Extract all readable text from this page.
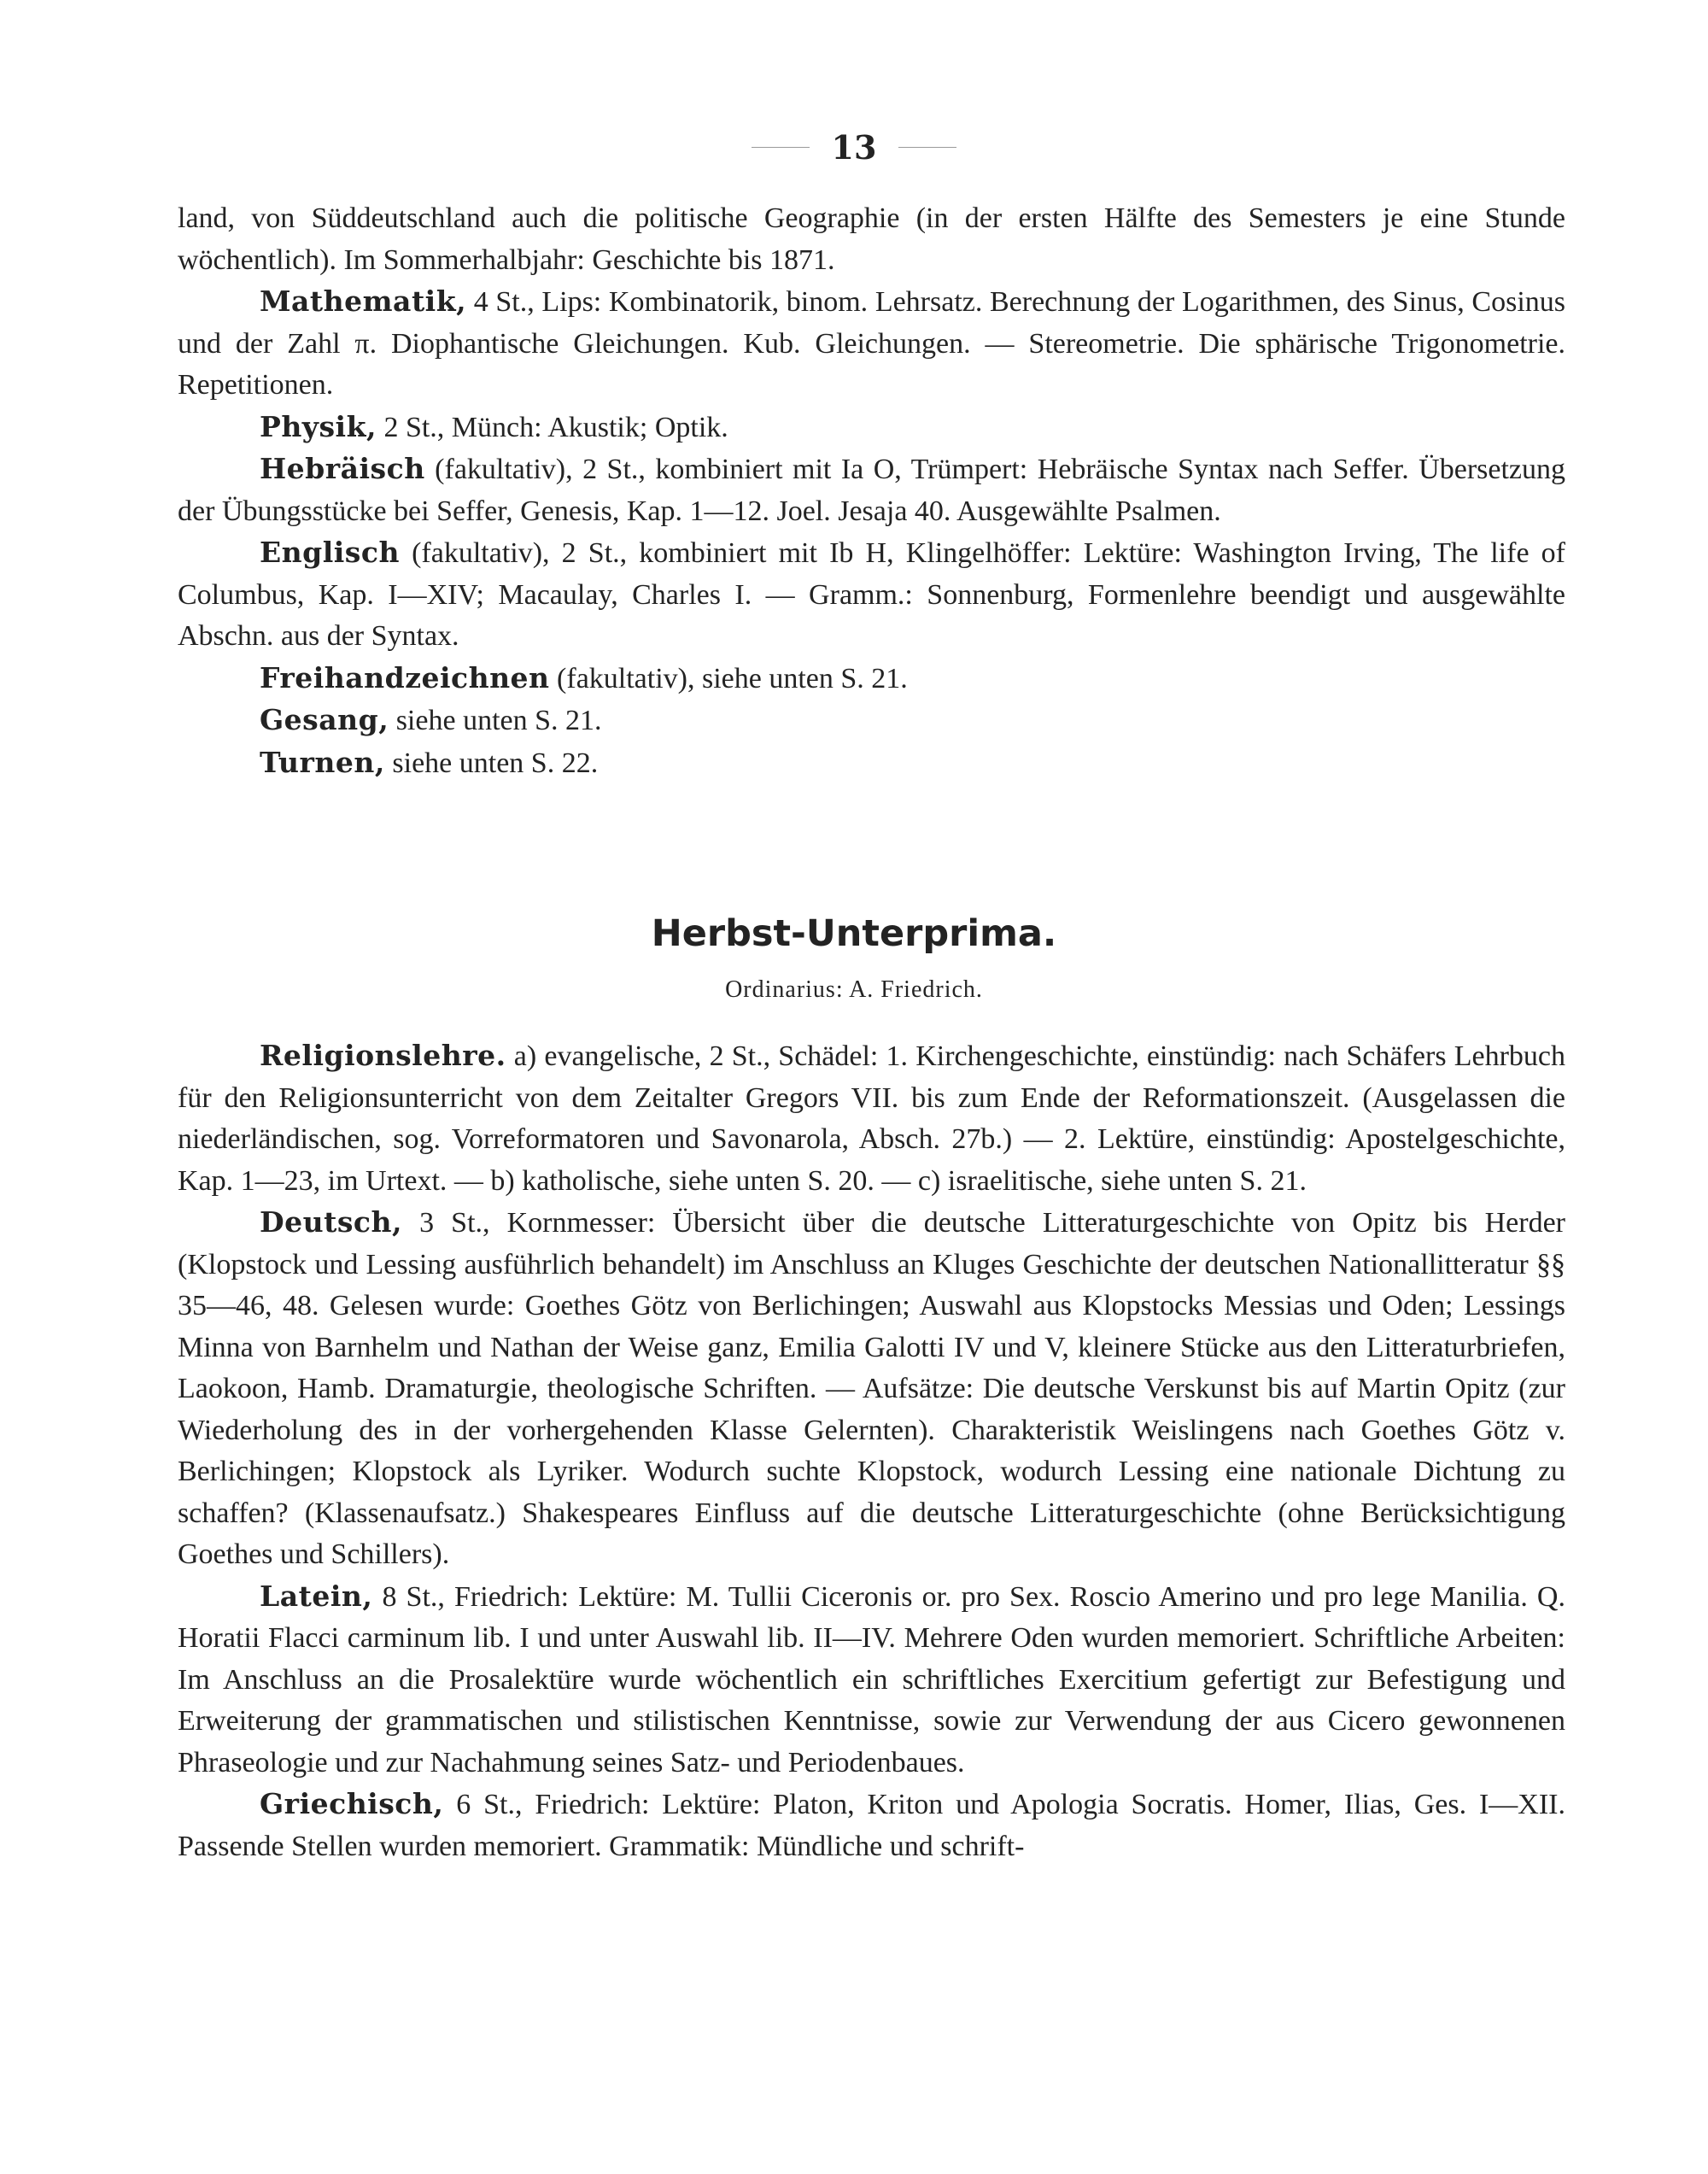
13

land, von Süddeutschland auch die politische Geographie (in der ersten Hälfte des Semesters je eine Stunde wöchentlich). Im Sommerhalbjahr: Geschichte bis 1871.

Mathematik, 4 St., Lips: Kombinatorik, binom. Lehrsatz. Berechnung der Logarithmen, des Sinus, Cosinus und der Zahl π. Diophantische Gleichungen. Kub. Gleichungen. — Stereometrie. Die sphärische Trigonometrie. Repetitionen.

Physik, 2 St., Münch: Akustik; Optik.

Hebräisch (fakultativ), 2 St., kombiniert mit Ia O, Trümpert: Hebräische Syntax nach Seffer. Übersetzung der Übungsstücke bei Seffer, Genesis, Kap. 1—12. Joel. Jesaja 40. Ausgewählte Psalmen.

Englisch (fakultativ), 2 St., kombiniert mit Ib H, Klingelhöffer: Lektüre: Washington Irving, The life of Columbus, Kap. I—XIV; Macaulay, Charles I. — Gramm.: Sonnenburg, Formenlehre beendigt und ausgewählte Abschn. aus der Syntax.

Freihandzeichnen (fakultativ), siehe unten S. 21.

Gesang, siehe unten S. 21.

Turnen, siehe unten S. 22.

Herbst-Unterprima.
Ordinarius: A. Friedrich.

Religionslehre. a) evangelische, 2 St., Schädel: 1. Kirchengeschichte, einstündig: nach Schäfers Lehrbuch für den Religionsunterricht von dem Zeitalter Gregors VII. bis zum Ende der Reformationszeit. (Ausgelassen die niederländischen, sog. Vorreformatoren und Savonarola, Absch. 27b.) — 2. Lektüre, einstündig: Apostelgeschichte, Kap. 1—23, im Urtext. — b) katholische, siehe unten S. 20. — c) israelitische, siehe unten S. 21.

Deutsch, 3 St., Kornmesser: Übersicht über die deutsche Litteraturgeschichte von Opitz bis Herder (Klopstock und Lessing ausführlich behandelt) im Anschluss an Kluges Geschichte der deutschen Nationallitteratur §§ 35—46, 48. Gelesen wurde: Goethes Götz von Berlichingen; Auswahl aus Klopstocks Messias und Oden; Lessings Minna von Barnhelm und Nathan der Weise ganz, Emilia Galotti IV und V, kleinere Stücke aus den Litteraturbriefen, Laokoon, Hamb. Dramaturgie, theologische Schriften. — Aufsätze: Die deutsche Verskunst bis auf Martin Opitz (zur Wiederholung des in der vorhergehenden Klasse Gelernten). Charakteristik Weislingens nach Goethes Götz v. Berlichingen; Klopstock als Lyriker. Wodurch suchte Klopstock, wodurch Lessing eine nationale Dichtung zu schaffen? (Klassenaufsatz.) Shakespeares Einfluss auf die deutsche Litteraturgeschichte (ohne Berücksichtigung Goethes und Schillers).

Latein, 8 St., Friedrich: Lektüre: M. Tullii Ciceronis or. pro Sex. Roscio Amerino und pro lege Manilia. Q. Horatii Flacci carminum lib. I und unter Auswahl lib. II—IV. Mehrere Oden wurden memoriert. Schriftliche Arbeiten: Im Anschluss an die Prosalektüre wurde wöchentlich ein schriftliches Exercitium gefertigt zur Befestigung und Erweiterung der grammatischen und stilistischen Kenntnisse, sowie zur Verwendung der aus Cicero gewonnenen Phraseologie und zur Nachahmung seines Satz- und Periodenbaues.

Griechisch, 6 St., Friedrich: Lektüre: Platon, Kriton und Apologia Socratis. Homer, Ilias, Ges. I—XII. Passende Stellen wurden memoriert. Grammatik: Mündliche und schrift-
